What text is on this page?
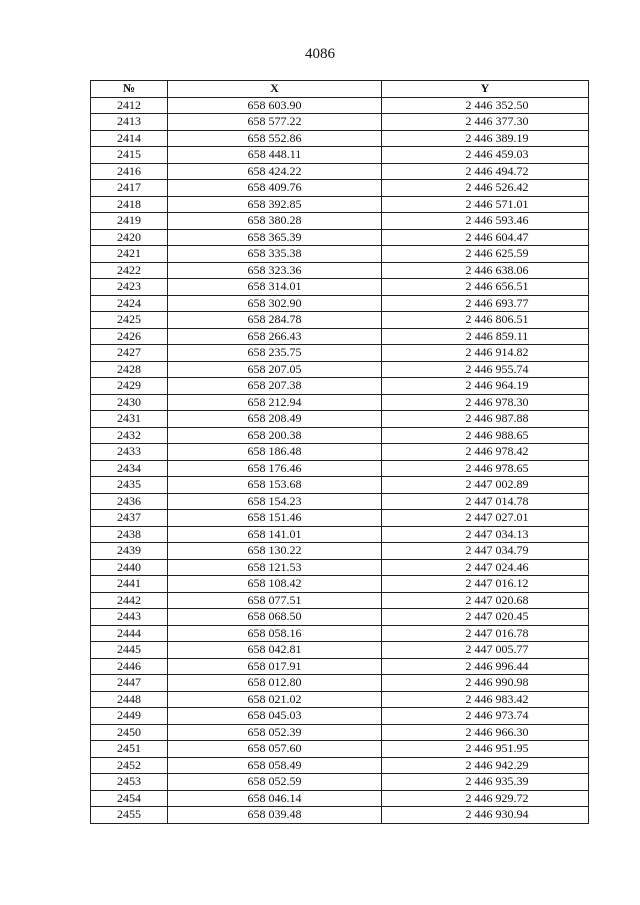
4086
№	X	Y
2412	658 603.90	2 446 352.50
2413	658 577.22	2 446 377.30
2414	658 552.86	2 446 389.19
2415	658 448.11	2 446 459.03
2416	658 424.22	2 446 494.72
2417	658 409.76	2 446 526.42
2418	658 392.85	2 446 571.01
2419	658 380.28	2 446 593.46
2420	658 365.39	2 446 604.47
2421	658 335.38	2 446 625.59
2422	658 323.36	2 446 638.06
2423	658 314.01	2 446 656.51
2424	658 302.90	2 446 693.77
2425	658 284.78	2 446 806.51
2426	658 266.43	2 446 859.11
2427	658 235.75	2 446 914.82
2428	658 207.05	2 446 955.74
2429	658 207.38	2 446 964.19
2430	658 212.94	2 446 978.30
2431	658 208.49	2 446 987.88
2432	658 200.38	2 446 988.65
2433	658 186.48	2 446 978.42
2434	658 176.46	2 446 978.65
2435	658 153.68	2 447 002.89
2436	658 154.23	2 447 014.78
2437	658 151.46	2 447 027.01
2438	658 141.01	2 447 034.13
2439	658 130.22	2 447 034.79
2440	658 121.53	2 447 024.46
2441	658 108.42	2 447 016.12
2442	658 077.51	2 447 020.68
2443	658 068.50	2 447 020.45
2444	658 058.16	2 447 016.78
2445	658 042.81	2 447 005.77
2446	658 017.91	2 446 996.44
2447	658 012.80	2 446 990.98
2448	658 021.02	2 446 983.42
2449	658 045.03	2 446 973.74
2450	658 052.39	2 446 966.30
2451	658 057.60	2 446 951.95
2452	658 058.49	2 446 942.29
2453	658 052.59	2 446 935.39
2454	658 046.14	2 446 929.72
2455	658 039.48	2 446 930.94
